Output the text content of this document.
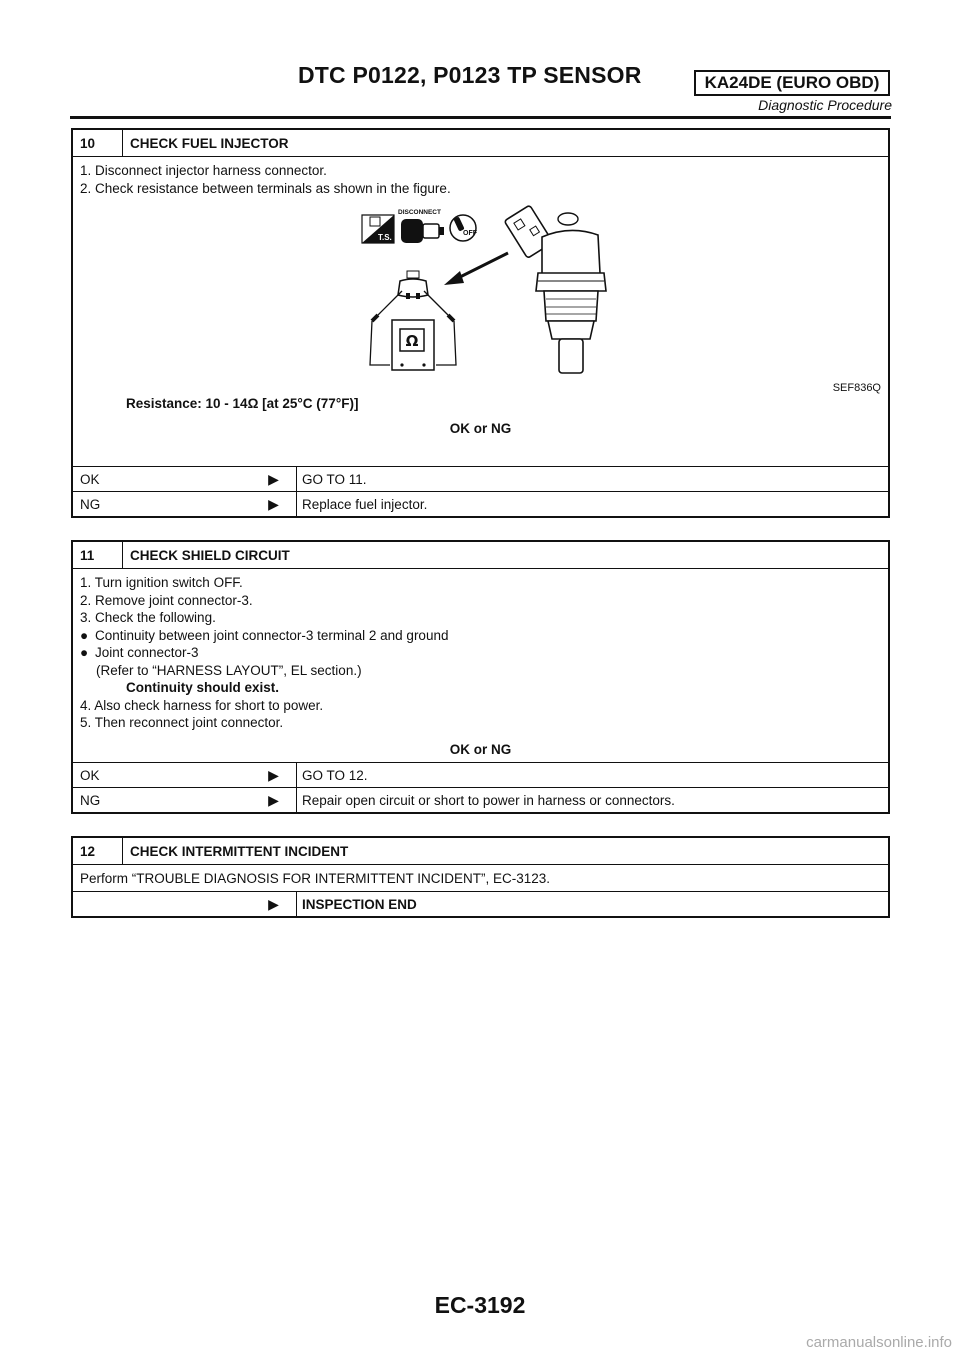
DTC P0122, P0123 TP SENSOR	KA24DE (EURO OBD)
Diagnostic Procedure
10	CHECK FUEL INJECTOR

1. Disconnect injector harness connector.

2. Check resistance between terminals as shown in the figure.

T.S.
DISCONNECT
OFF
Ω
SEF836Q

Resistance: 10 - 14Ω [at 25°C (77°F)]

OK or NG

OK	▶	GO TO 11.
NG	▶	Replace fuel injector.
11	CHECK SHIELD CIRCUIT

1. Turn ignition switch OFF.

2. Remove joint connector-3.

3. Check the following.

● Continuity between joint connector-3 terminal 2 and ground

● Joint connector-3

(Refer to “HARNESS LAYOUT”, EL section.)

Continuity should exist.

4. Also check harness for short to power.

5. Then reconnect joint connector.

OK or NG

OK	▶	GO TO 12.
NG	▶	Repair open circuit or short to power in harness or connectors.
12	CHECK INTERMITTENT INCIDENT
Perform “TROUBLE DIAGNOSIS FOR INTERMITTENT INCIDENT”, EC-3123.
▶	INSPECTION END
EC-3192
carmanualsonline.info
